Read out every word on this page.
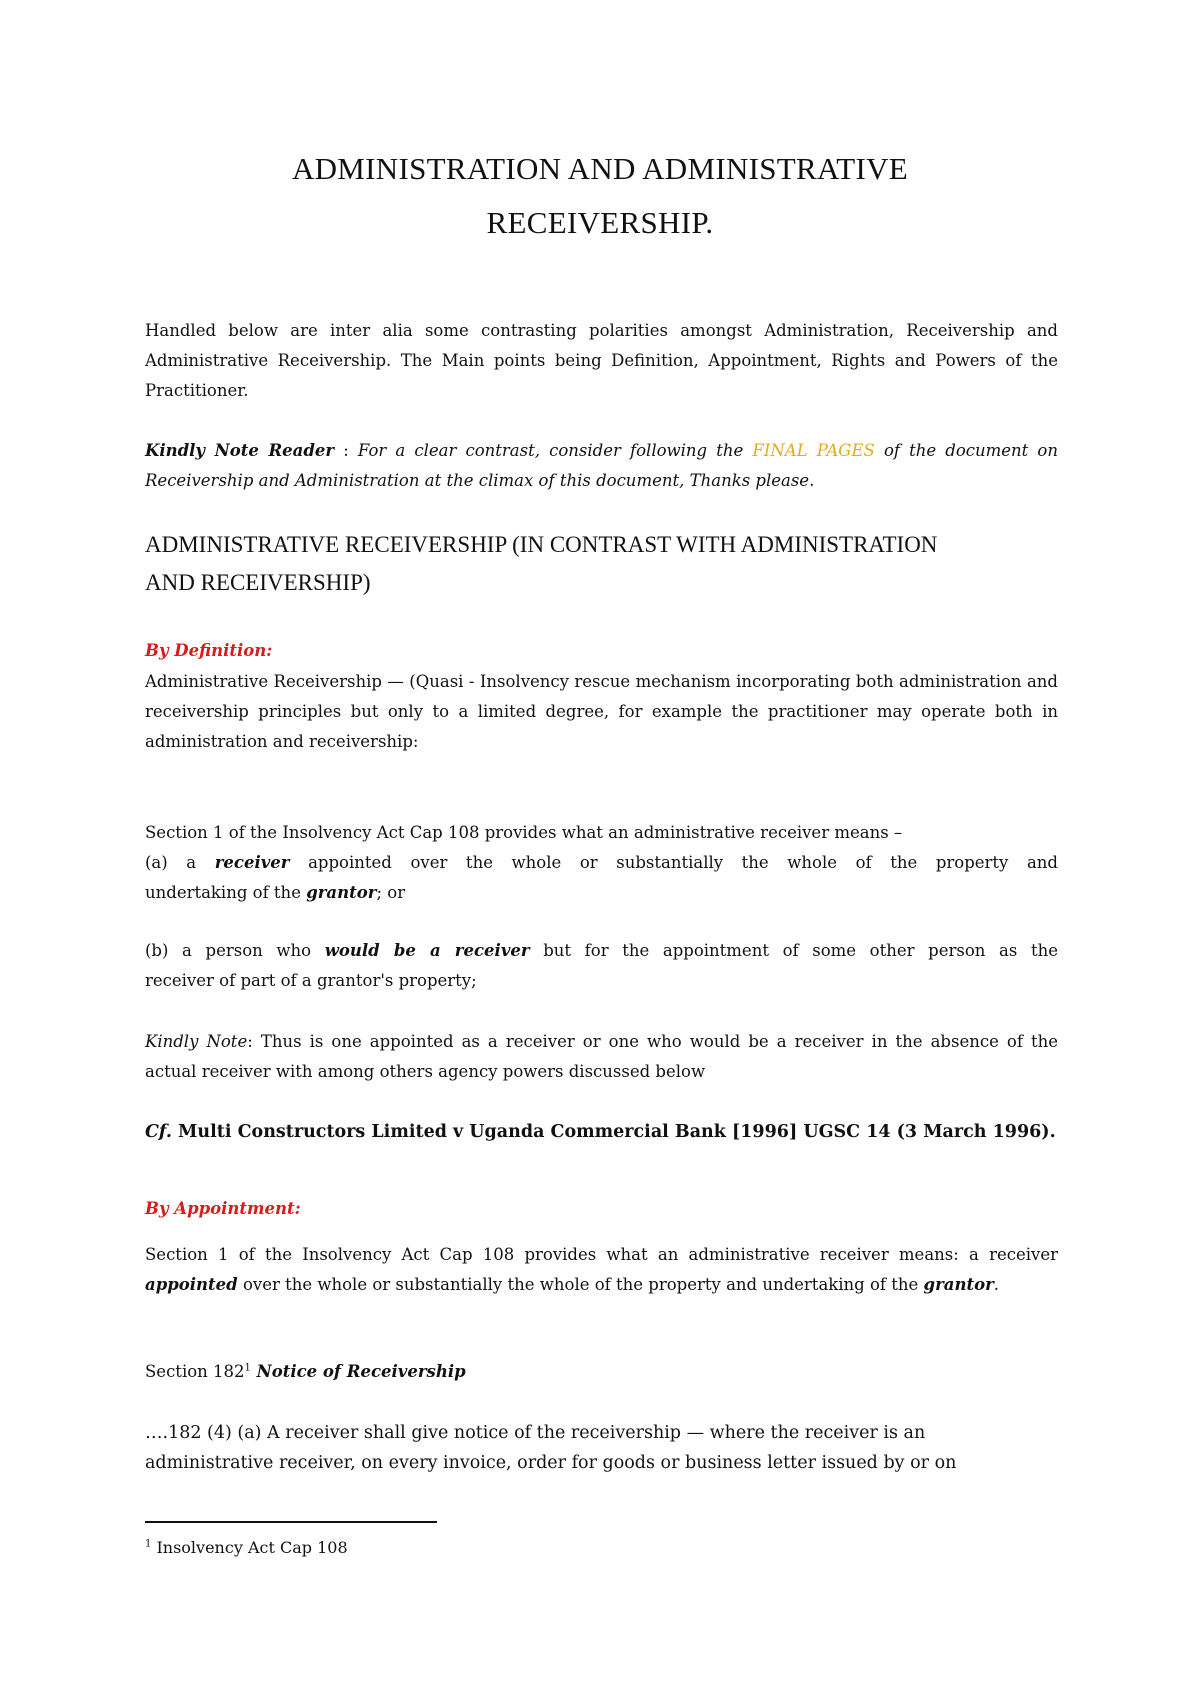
ADMINISTRATION AND ADMINISTRATIVE
RECEIVERSHIP.
Handled below are inter alia some contrasting polarities amongst Administration, Receivership and Administrative Receivership. The Main points being Definition, Appointment, Rights and Powers of the Practitioner.
Kindly Note Reader : For a clear contrast, consider following the FINAL PAGES of the document on Receivership and Administration at the climax of this document, Thanks please.
ADMINISTRATIVE RECEIVERSHIP (IN CONTRAST WITH ADMINISTRATION
AND RECEIVERSHIP)
By Definition:
Administrative Receivership — (Quasi - Insolvency rescue mechanism incorporating both administration and receivership principles but only to a limited degree, for example the practitioner may operate both in administration and receivership:
Section 1 of the Insolvency Act Cap 108 provides what an administrative receiver means –
(a) a receiver appointed over the whole or substantially the whole of the property and
undertaking of the grantor; or
(b) a person who would be a receiver but for the appointment of some other person as the
receiver of part of a grantor's property;
Kindly Note: Thus is one appointed as a receiver or one who would be a receiver in the absence of the actual receiver with among others agency powers discussed below
Cf. Multi Constructors Limited v Uganda Commercial Bank [1996] UGSC 14 (3 March 1996).
By Appointment:
Section 1 of the Insolvency Act Cap 108 provides what an administrative receiver means: a receiver appointed over the whole or substantially the whole of the property and undertaking of the grantor.
Section $182^1$ Notice of Receivership
….182 (4) (a) A receiver shall give notice of the receivership — where the receiver is an
administrative receiver, on every invoice, order for goods or business letter issued by or on
$^1$ Insolvency Act Cap 108
